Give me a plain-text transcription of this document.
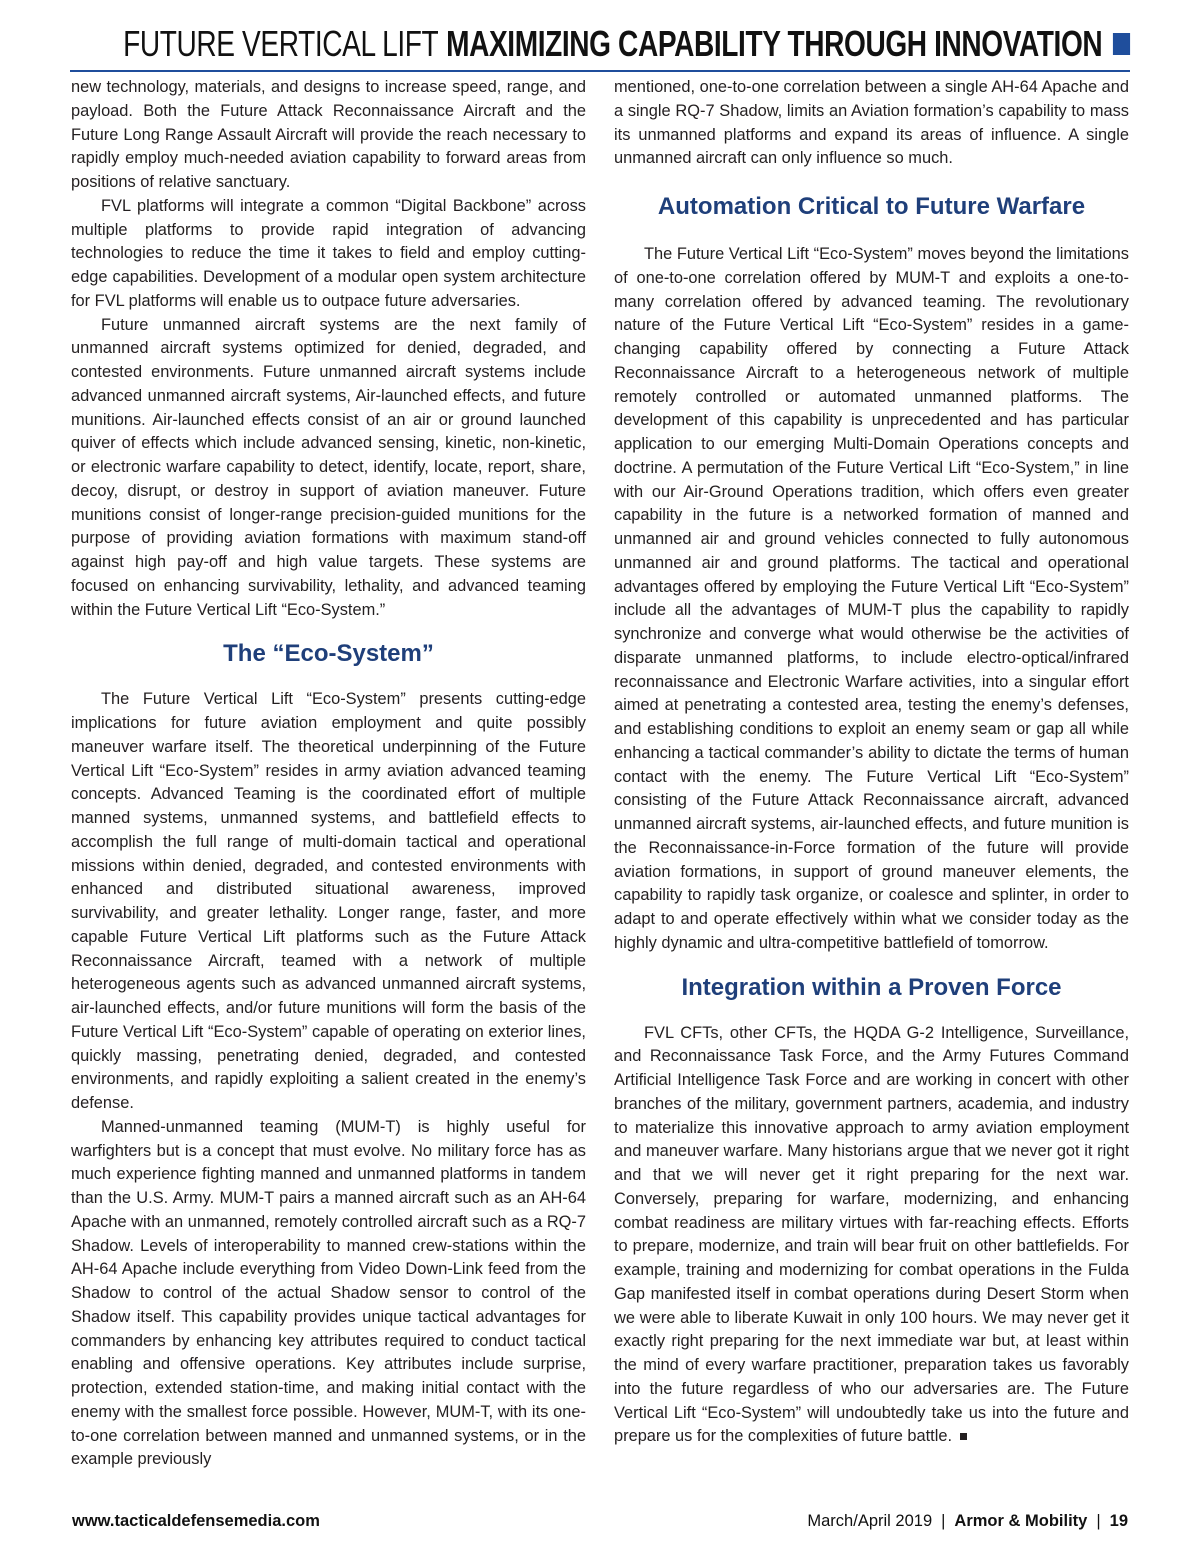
FUTURE VERTICAL LIFT MAXIMIZING CAPABILITY THROUGH INNOVATION

new technology, materials, and designs to increase speed, range, and payload. Both the Future Attack Reconnaissance Aircraft and the Future Long Range Assault Aircraft will provide the reach necessary to rapidly employ much-needed aviation capability to forward areas from positions of relative sanctuary.

FVL platforms will integrate a common “Digital Backbone” across multiple platforms to provide rapid integration of advancing technologies to reduce the time it takes to field and employ cutting-edge capabilities. Development of a modular open system architecture for FVL platforms will enable us to outpace future adversaries.

Future unmanned aircraft systems are the next family of unmanned aircraft systems optimized for denied, degraded, and contested environments. Future unmanned aircraft systems include advanced unmanned aircraft systems, Air-launched effects, and future munitions. Air-launched effects consist of an air or ground launched quiver of effects which include advanced sensing, kinetic, non-kinetic, or electronic warfare capability to detect, identify, locate, report, share, decoy, disrupt, or destroy in support of aviation maneuver. Future munitions consist of longer-range precision-guided munitions for the purpose of providing aviation formations with maximum stand-off against high pay-off and high value targets. These systems are focused on enhancing survivability, lethality, and advanced teaming within the Future Vertical Lift “Eco-System.”

The “Eco-System”

The Future Vertical Lift “Eco-System” presents cutting-edge implications for future aviation employment and quite possibly maneuver warfare itself. The theoretical underpinning of the Future Vertical Lift “Eco-System” resides in army aviation advanced teaming concepts. Advanced Teaming is the coordinated effort of multiple manned systems, unmanned systems, and battlefield effects to accomplish the full range of multi-domain tactical and operational missions within denied, degraded, and contested environments with enhanced and distributed situational awareness, improved survivability, and greater lethality. Longer range, faster, and more capable Future Vertical Lift platforms such as the Future Attack Reconnaissance Aircraft, teamed with a network of multiple heterogeneous agents such as advanced unmanned aircraft systems, air-launched effects, and/or future munitions will form the basis of the Future Vertical Lift “Eco-System” capable of operating on exterior lines, quickly massing, penetrating denied, degraded, and contested environments, and rapidly exploiting a salient created in the enemy’s defense.

Manned-unmanned teaming (MUM-T) is highly useful for warfighters but is a concept that must evolve. No military force has as much experience fighting manned and unmanned platforms in tandem than the U.S. Army. MUM-T pairs a manned aircraft such as an AH-64 Apache with an unmanned, remotely controlled aircraft such as a RQ-7 Shadow. Levels of interoperability to manned crew-stations within the AH-64 Apache include everything from Video Down-Link feed from the Shadow to control of the actual Shadow sensor to control of the Shadow itself. This capability provides unique tactical advantages for commanders by enhancing key attributes required to conduct tactical enabling and offensive operations. Key attributes include surprise, protection, extended station-time, and making initial contact with the enemy with the smallest force possible. However, MUM-T, with its one-to-one correlation between manned and unmanned systems, or in the example previously

mentioned, one-to-one correlation between a single AH-64 Apache and a single RQ-7 Shadow, limits an Aviation formation’s capability to mass its unmanned platforms and expand its areas of influence. A single unmanned aircraft can only influence so much.

Automation Critical to Future Warfare

The Future Vertical Lift “Eco-System” moves beyond the limitations of one-to-one correlation offered by MUM-T and exploits a one-to-many correlation offered by advanced teaming. The revolutionary nature of the Future Vertical Lift “Eco-System” resides in a game-changing capability offered by connecting a Future Attack Reconnaissance Aircraft to a heterogeneous network of multiple remotely controlled or automated unmanned platforms. The development of this capability is unprecedented and has particular application to our emerging Multi-Domain Operations concepts and doctrine. A permutation of the Future Vertical Lift “Eco-System,” in line with our Air-Ground Operations tradition, which offers even greater capability in the future is a networked formation of manned and unmanned air and ground vehicles connected to fully autonomous unmanned air and ground platforms. The tactical and operational advantages offered by employing the Future Vertical Lift “Eco-System” include all the advantages of MUM-T plus the capability to rapidly synchronize and converge what would otherwise be the activities of disparate unmanned platforms, to include electro-optical/infrared reconnaissance and Electronic Warfare activities, into a singular effort aimed at penetrating a contested area, testing the enemy’s defenses, and establishing conditions to exploit an enemy seam or gap all while enhancing a tactical commander’s ability to dictate the terms of human contact with the enemy. The Future Vertical Lift “Eco-System” consisting of the Future Attack Reconnaissance aircraft, advanced unmanned aircraft systems, air-launched effects, and future munition is the Reconnaissance-in-Force formation of the future will provide aviation formations, in support of ground maneuver elements, the capability to rapidly task organize, or coalesce and splinter, in order to adapt to and operate effectively within what we consider today as the highly dynamic and ultra-competitive battlefield of tomorrow.

Integration within a Proven Force

FVL CFTs, other CFTs, the HQDA G-2 Intelligence, Surveillance, and Reconnaissance Task Force, and the Army Futures Command Artificial Intelligence Task Force and are working in concert with other branches of the military, government partners, academia, and industry to materialize this innovative approach to army aviation employment and maneuver warfare. Many historians argue that we never got it right and that we will never get it right preparing for the next war. Conversely, preparing for warfare, modernizing, and enhancing combat readiness are military virtues with far-reaching effects. Efforts to prepare, modernize, and train will bear fruit on other battlefields. For example, training and modernizing for combat operations in the Fulda Gap manifested itself in combat operations during Desert Storm when we were able to liberate Kuwait in only 100 hours. We may never get it exactly right preparing for the next immediate war but, at least within the mind of every warfare practitioner, preparation takes us favorably into the future regardless of who our adversaries are. The Future Vertical Lift “Eco-System” will undoubtedly take us into the future and prepare us for the complexities of future battle.

www.tacticaldefensemedia.com	March/April 2019 | Armor & Mobility | 19
